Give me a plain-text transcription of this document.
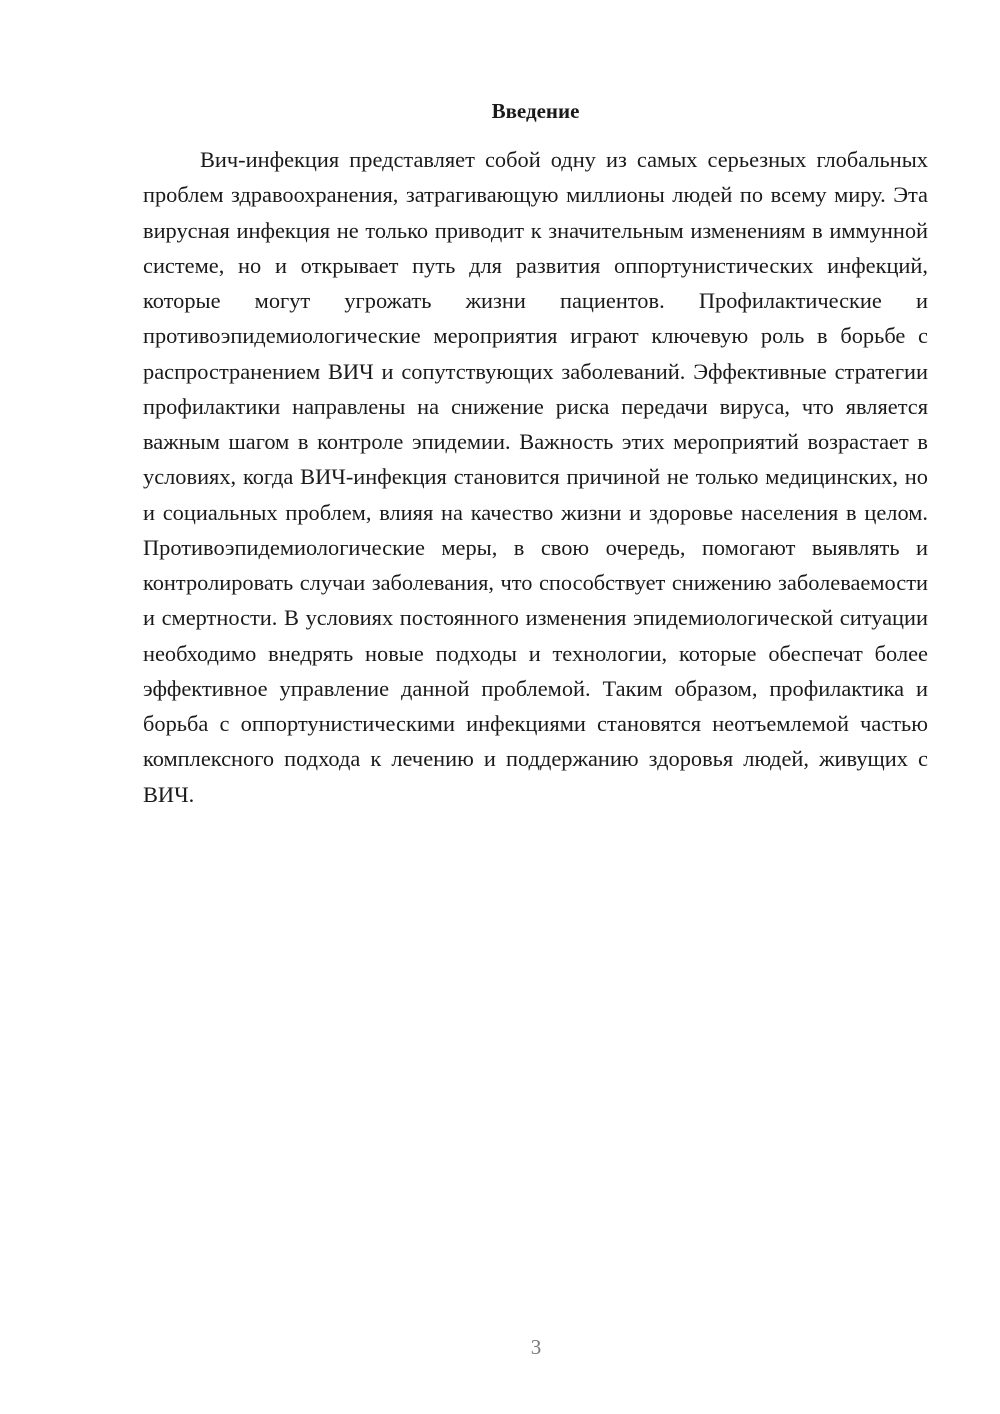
Введение

Вич-инфекция представляет собой одну из самых серьезных глобальных проблем здравоохранения, затрагивающую миллионы людей по всему миру. Эта вирусная инфекция не только приводит к значительным изменениям в иммунной системе, но и открывает путь для развития оппортунистических инфекций, которые могут угрожать жизни пациентов. Профилактические и противоэпидемиологические мероприятия играют ключевую роль в борьбе с распространением ВИЧ и сопутствующих заболеваний. Эффективные стратегии профилактики направлены на снижение риска передачи вируса, что является важным шагом в контроле эпидемии. Важность этих мероприятий возрастает в условиях, когда ВИЧ-инфекция становится причиной не только медицинских, но и социальных проблем, влияя на качество жизни и здоровье населения в целом. Противоэпидемиологические меры, в свою очередь, помогают выявлять и контролировать случаи заболевания, что способствует снижению заболеваемости и смертности. В условиях постоянного изменения эпидемиологической ситуации необходимо внедрять новые подходы и технологии, которые обеспечат более эффективное управление данной проблемой. Таким образом, профилактика и борьба с оппортунистическими инфекциями становятся неотъемлемой частью комплексного подхода к лечению и поддержанию здоровья людей, живущих с ВИЧ.

3
